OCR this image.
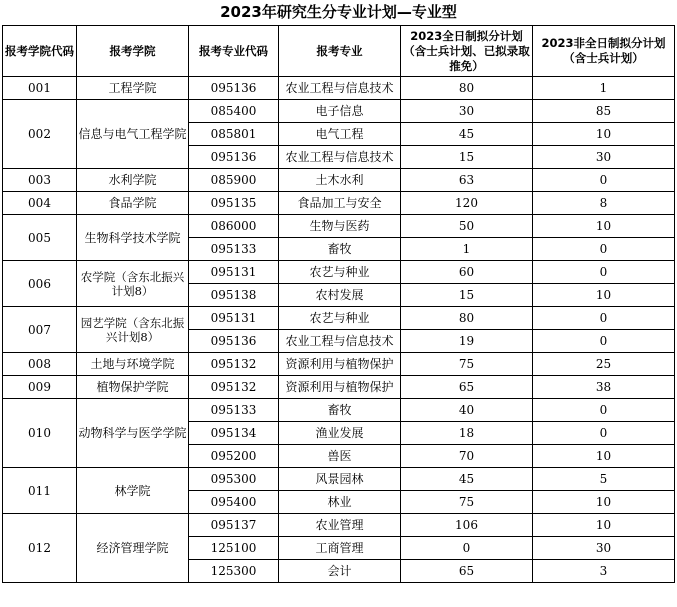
2023年研究生分专业计划—专业型
报考学院代码	报考学院	报考专业代码	报考专业	2023全日制拟分计划（含士兵计划、已拟录取推免）	2023非全日制拟分计划（含士兵计划）
001	工程学院	095136	农业工程与信息技术	80	1
002	信息与电气工程学院	085400	电子信息	30	85
		085801	电气工程	45	10
		095136	农业工程与信息技术	15	30
003	水利学院	085900	土木水利	63	0
004	食品学院	095135	食品加工与安全	120	8
005	生物科学技术学院	086000	生物与医药	50	10
		095133	畜牧	1	0
006	农学院（含东北振兴计划8）	095131	农艺与种业	60	0
		095138	农村发展	15	10
007	园艺学院（含东北振兴计划8）	095131	农艺与种业	80	0
		095136	农业工程与信息技术	19	0
008	土地与环境学院	095132	资源利用与植物保护	75	25
009	植物保护学院	095132	资源利用与植物保护	65	38
010	动物科学与医学学院	095133	畜牧	40	0
		095134	渔业发展	18	0
		095200	兽医	70	10
011	林学院	095300	风景园林	45	5
		095400	林业	75	10
012	经济管理学院	095137	农业管理	106	10
		125100	工商管理	0	30
		125300	会计	65	3
